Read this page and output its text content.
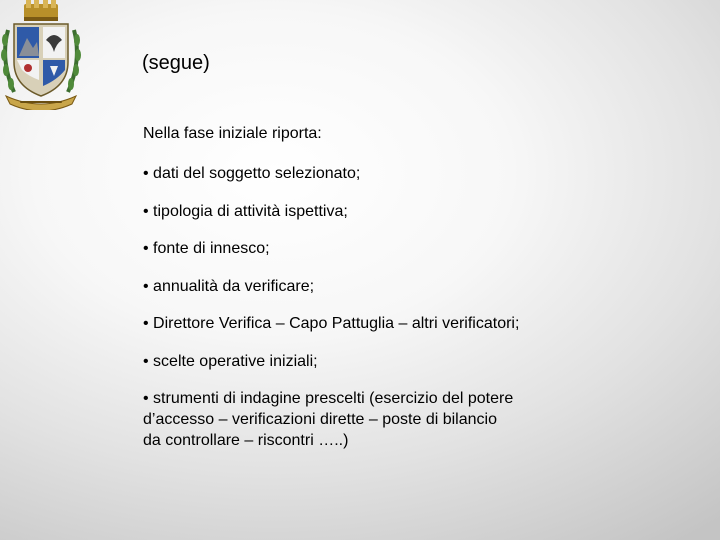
(segue)
Nella fase iniziale riporta:
• dati del soggetto selezionato;
• tipologia di attività ispettiva;
• fonte di innesco;
• annualità da verificare;
• Direttore Verifica – Capo Pattuglia – altri verificatori;
• scelte operative iniziali;
• strumenti di indagine prescelti (esercizio del potere
d’accesso – verificazioni dirette – poste di bilancio
da controllare – riscontri …..)
